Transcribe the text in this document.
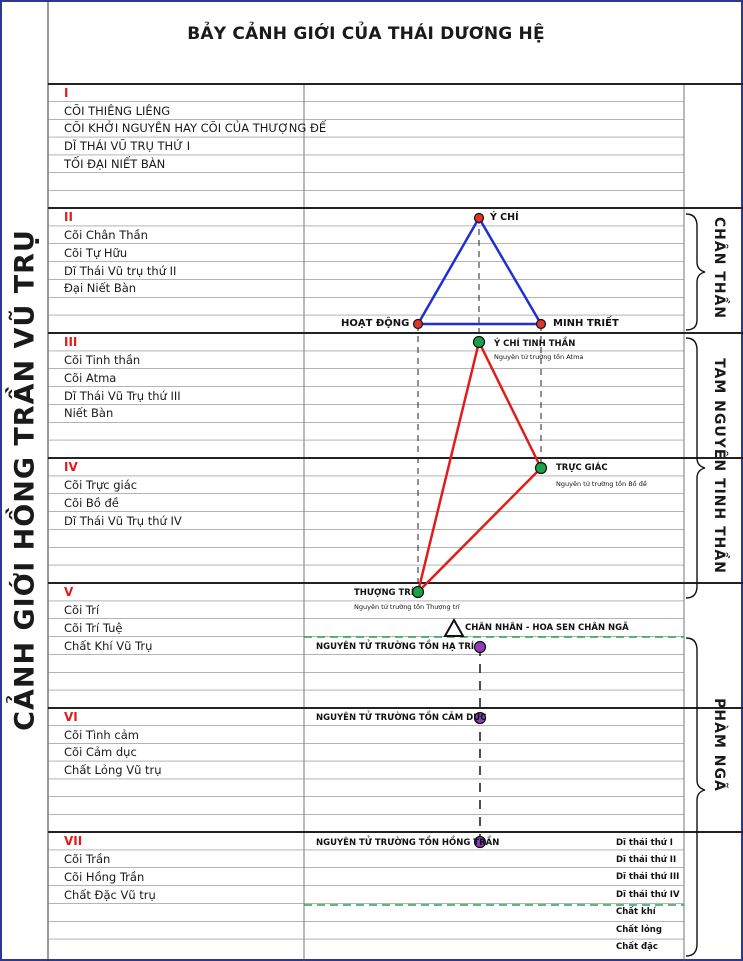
BẢY CẢNH GIỚI CỦA THÁI DƯƠNG HỆ
CẢNH GIỚI HỒNG TRẦN VŨ TRỤ	CHÂN THẦN
TAM NGUYÊN TINH THẦN
PHÀM NGÃ
I
CÕI THIÊNG LIÊNG
CÕI KHỞI NGUYÊN HAY CÕI CỦA THƯỢNG ĐẾ
DĨ THÁI VŨ TRỤ THỨ I
TỐI ĐẠI NIẾT BÀN
II
Cõi Chân Thần
Cõi Tự Hữu
Dĩ Thái Vũ trụ thứ II
Đại Niết Bàn
III
Cõi Tinh thần
Cõi Atma
Dĩ Thái Vũ Trụ thứ III
Niết Bàn
IV
Cõi Trực giác
Cõi Bồ đề
Dĩ Thái Vũ Trụ thứ IV
V
Cõi Trí
Cõi Trí Tuệ
Chất Khí Vũ Trụ
VI
Cõi Tình cảm
Cõi Cảm dục
Chất Lỏng Vũ trụ
VII
Cõi Trần
Cõi Hồng Trần
Chất Đặc Vũ trụ
Ý CHÍ
HOẠT ĐỘNG	MINH TRIẾT
Ý CHÍ TINH THẦN
Nguyên tử trường tồn Atma
TRỰC GIÁC
Nguyên tử trường tồn Bồ đề
THƯỢNG TRÍ
Nguyên tử trường tồn Thượng trí
CHÂN NHÂN - HOA SEN CHÂN NGÃ
NGUYÊN TỬ TRƯỜNG TỒN HẠ TRÍ
NGUYÊN TỬ TRƯỜNG TỒN CẢM DỤC
NGUYÊN TỬ TRƯỜNG TỒN HỒNG TRẦN	Dĩ thái thứ I
Dĩ thái thứ II
Dĩ thái thứ III
Dĩ thái thứ IV
Chất khí
Chất lỏng
Chất đặc
